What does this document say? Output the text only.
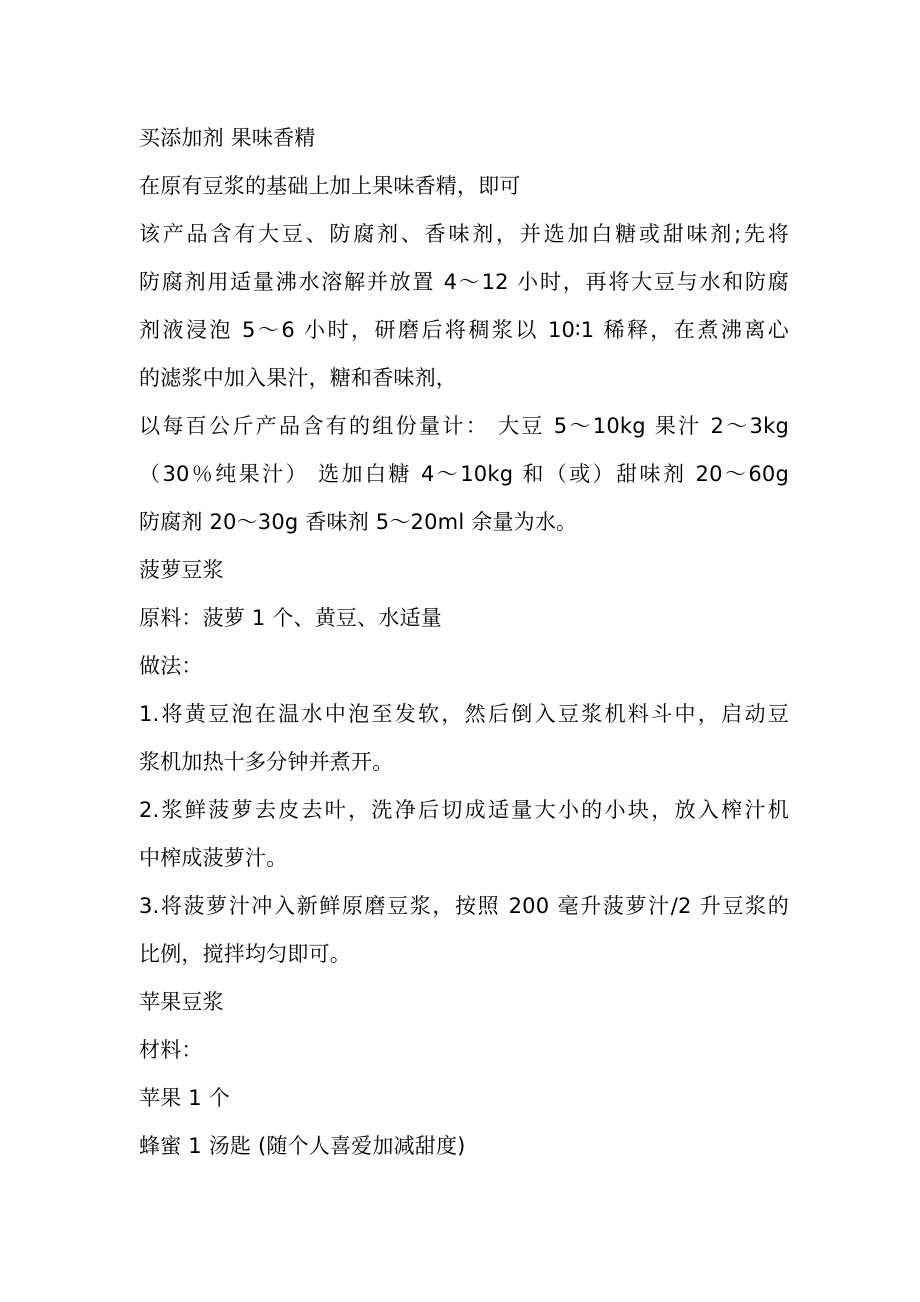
买添加剂 果味香精
在原有豆浆的基础上加上果味香精，即可
该产品含有大豆、防腐剂、香味剂，并选加白糖或甜味剂;先将
防腐剂用适量沸水溶解并放置 4～12 小时，再将大豆与水和防腐
剂液浸泡 5～6 小时，研磨后将稠浆以 10∶1 稀释，在煮沸离心
的滤浆中加入果汁，糖和香味剂，
以每百公斤产品含有的组份量计： 大豆 5～10kg 果汁 2～3kg
（30％纯果汁） 选加白糖 4～10kg 和（或）甜味剂 20～60g
防腐剂 20～30g 香味剂 5～20ml 余量为水。
菠萝豆浆
原料：菠萝 1 个、黄豆、水适量
做法：
1.将黄豆泡在温水中泡至发软，然后倒入豆浆机料斗中，启动豆
浆机加热十多分钟并煮开。
2.浆鲜菠萝去皮去叶，洗净后切成适量大小的小块，放入榨汁机
中榨成菠萝汁。
3.将菠萝汁冲入新鲜原磨豆浆，按照 200 毫升菠萝汁/2 升豆浆的
比例，搅拌均匀即可。
苹果豆浆
材料：
苹果 1 个
蜂蜜 1 汤匙 (随个人喜爱加减甜度)
